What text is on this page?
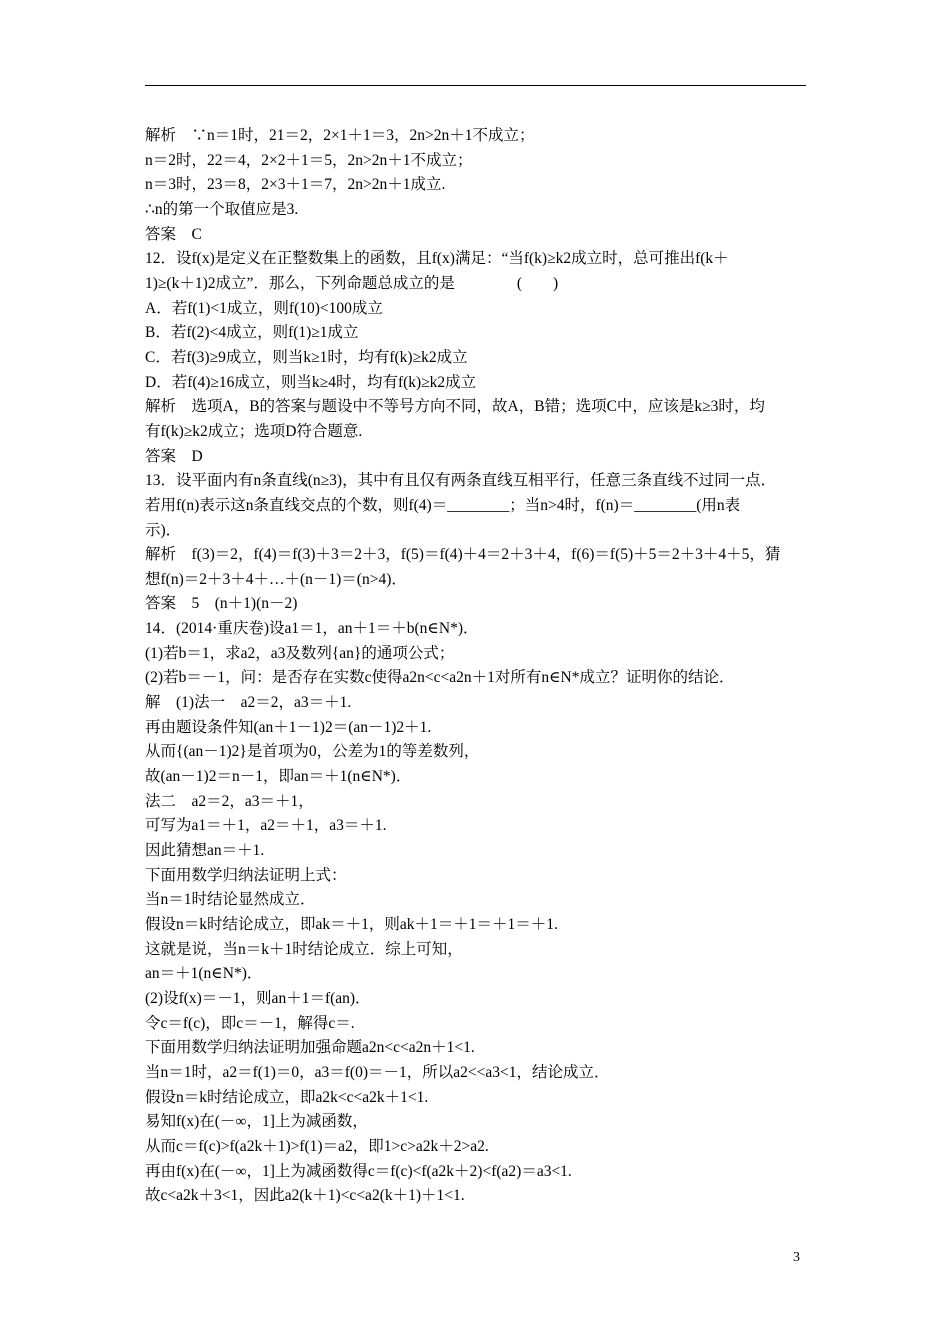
解析　∵n＝1时，21＝2，2×1＋1＝3，2n>2n＋1不成立；

n＝2时，22＝4，2×2＋1＝5，2n>2n＋1不成立；

n＝3时，23＝8，2×3＋1＝7，2n>2n＋1成立.

∴n的第一个取值应是3.

答案　C

12．设f(x)是定义在正整数集上的函数，且f(x)满足：“当f(k)≥k2成立时，总可推出f(k＋

1)≥(k＋1)2成立”．那么，下列命题总成立的是　　　　(　　)

A．若f(1)<1成立，则f(10)<100成立

B．若f(2)<4成立，则f(1)≥1成立

C．若f(3)≥9成立，则当k≥1时，均有f(k)≥k2成立

D．若f(4)≥16成立，则当k≥4时，均有f(k)≥k2成立

解析　选项A，B的答案与题设中不等号方向不同，故A，B错；选项C中，应该是k≥3时，均

有f(k)≥k2成立；选项D符合题意.

答案　D

13．设平面内有n条直线(n≥3)，其中有且仅有两条直线互相平行，任意三条直线不过同一点．

若用f(n)表示这n条直线交点的个数，则f(4)＝________；当n>4时，f(n)＝________(用n表

示)．

解析　f(3)＝2，f(4)＝f(3)＋3＝2＋3，f(5)＝f(4)＋4＝2＋3＋4，f(6)＝f(5)＋5＝2＋3＋4＋5，猜

想f(n)＝2＋3＋4＋…＋(n－1)＝(n>4)．

答案　5　(n＋1)(n－2)

14．(2014·重庆卷)设a1＝1，an＋1＝＋b(n∈N*)．

(1)若b＝1，求a2，a3及数列{an}的通项公式；

(2)若b＝－1，问：是否存在实数c使得a2n<c<a2n＋1对所有n∈N*成立？证明你的结论．

解　(1)法一　a2＝2，a3＝＋1.

再由题设条件知(an＋1－1)2＝(an－1)2＋1.

从而{(an－1)2}是首项为0，公差为1的等差数列，

故(an－1)2＝n－1，即an＝＋1(n∈N*)．

法二　a2＝2，a3＝＋1，

可写为a1＝＋1，a2＝＋1，a3＝＋1.

因此猜想an＝＋1.

下面用数学归纳法证明上式：

当n＝1时结论显然成立．

假设n＝k时结论成立，即ak＝＋1，则ak＋1＝＋1＝＋1＝＋1.

这就是说，当n＝k＋1时结论成立．综上可知，

an＝＋1(n∈N*)．

(2)设f(x)＝－1，则an＋1＝f(an)．

令c＝f(c)，即c＝－1，解得c＝.

下面用数学归纳法证明加强命题a2n<c<a2n＋1<1.

当n＝1时，a2＝f(1)＝0，a3＝f(0)＝－1，所以a2<<a3<1，结论成立．

假设n＝k时结论成立，即a2k<c<a2k＋1<1.

易知f(x)在(－∞，1]上为减函数，

从而c＝f(c)>f(a2k＋1)>f(1)＝a2，即1>c>a2k＋2>a2.

再由f(x)在(－∞，1]上为减函数得c＝f(c)<f(a2k＋2)<f(a2)＝a3<1.

故c<a2k＋3<1，因此a2(k＋1)<c<a2(k＋1)＋1<1.

3
